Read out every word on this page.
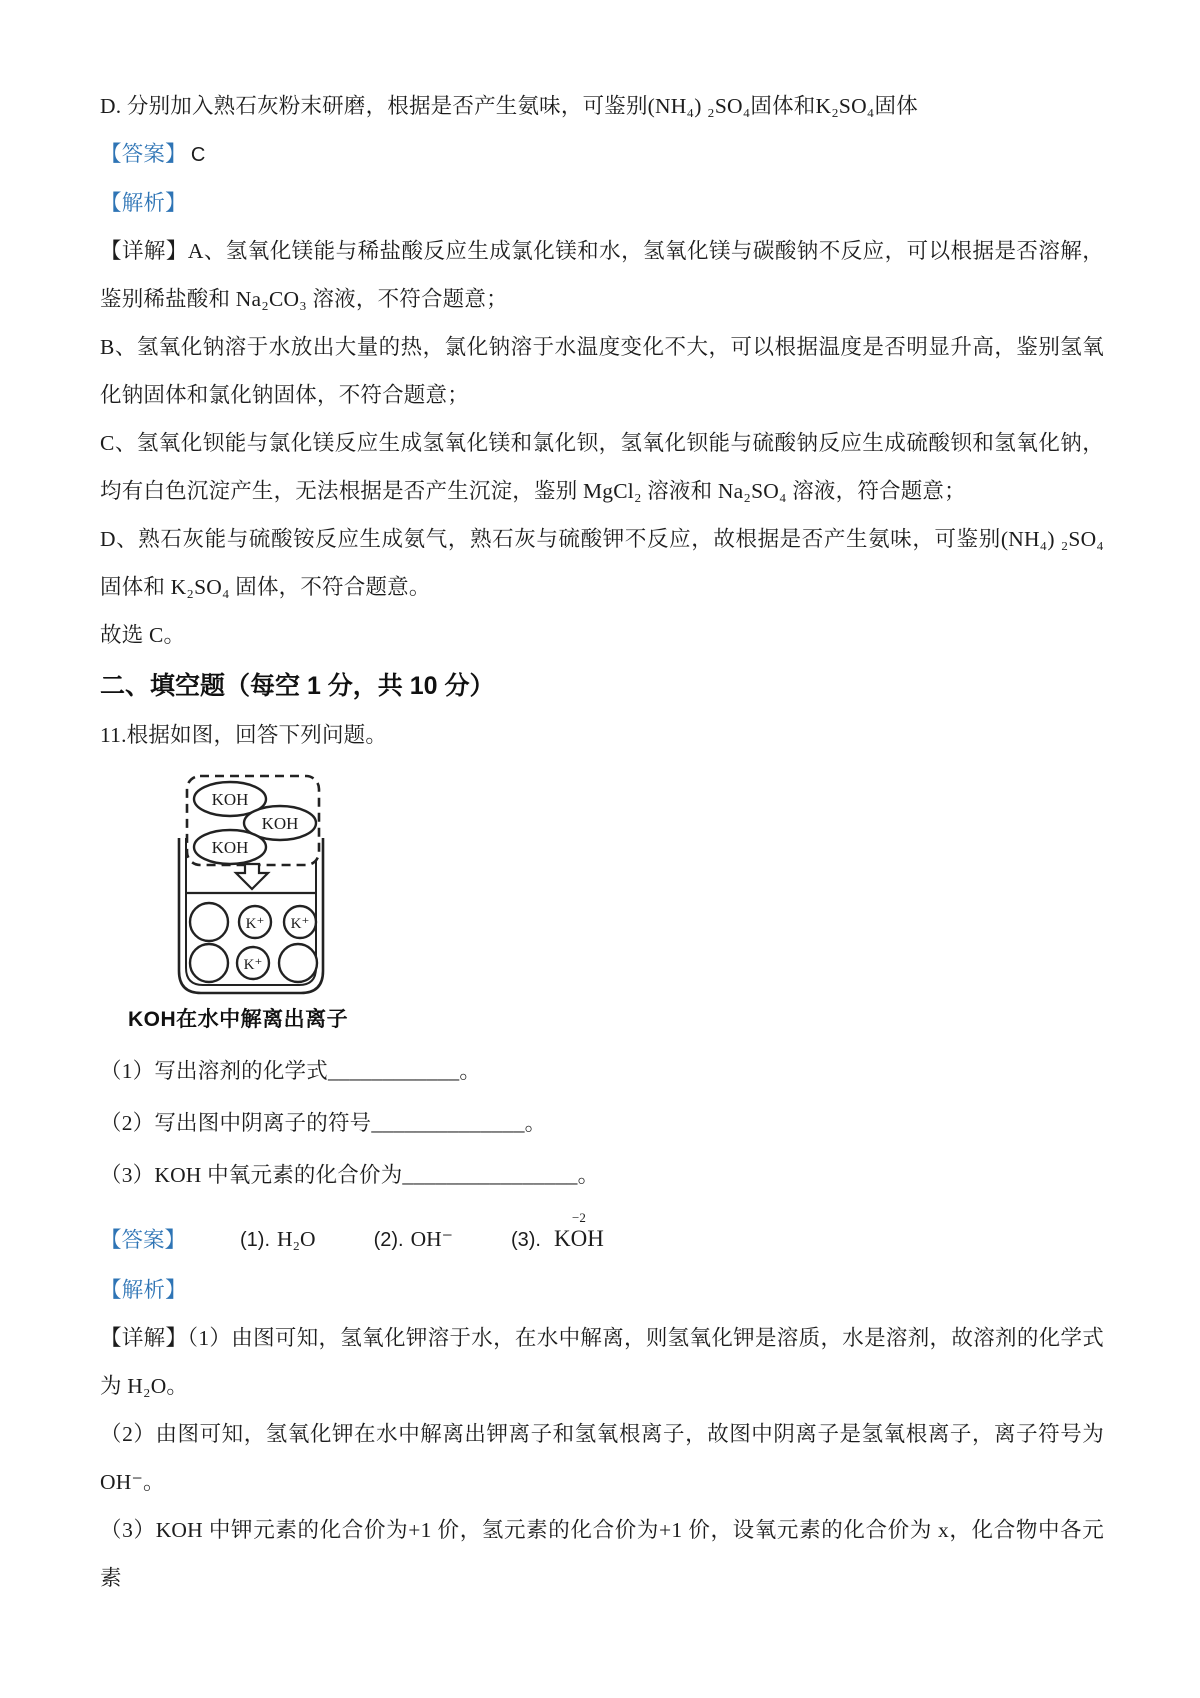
D. 分别加入熟石灰粉末研磨，根据是否产生氨味，可鉴别(NH₄) ₂SO₄固体和K₂SO₄固体

【答案】 C

【解析】

【详解】A、氢氧化镁能与稀盐酸反应生成氯化镁和水，氢氧化镁与碳酸钠不反应，可以根据是否溶解，鉴别稀盐酸和 Na₂CO₃ 溶液，不符合题意；

B、氢氧化钠溶于水放出大量的热，氯化钠溶于水温度变化不大，可以根据温度是否明显升高，鉴别氢氧化钠固体和氯化钠固体，不符合题意；

C、氢氧化钡能与氯化镁反应生成氢氧化镁和氯化钡，氢氧化钡能与硫酸钠反应生成硫酸钡和氢氧化钠，均有白色沉淀产生，无法根据是否产生沉淀，鉴别 MgCl₂ 溶液和 Na₂SO₄ 溶液，符合题意；

D、熟石灰能与硫酸铵反应生成氨气，熟石灰与硫酸钾不反应，故根据是否产生氨味，可鉴别(NH₄) ₂SO₄固体和 K₂SO₄ 固体，不符合题意。

故选 C。

二、填空题（每空 1 分，共 10 分）

11.根据如图，回答下列问题。

KOH
KOH
KOH
K⁺ K⁺
K⁺
KOH在水中解离出离子

（1）写出溶剂的化学式____________。

（2）写出图中阴离子的符号______________。

（3）KOH 中氧元素的化合价为________________。

【答案】	(1). H₂O	(2). OH⁻	(3). K
−2
O H

【解析】

【详解】（1）由图可知，氢氧化钾溶于水，在水中解离，则氢氧化钾是溶质，水是溶剂，故溶剂的化学式为 H₂O。

（2）由图可知，氢氧化钾在水中解离出钾离子和氢氧根离子，故图中阴离子是氢氧根离子，离子符号为 OH⁻。

（3）KOH 中钾元素的化合价为+1 价，氢元素的化合价为+1 价，设氧元素的化合价为 x，化合物中各元素
